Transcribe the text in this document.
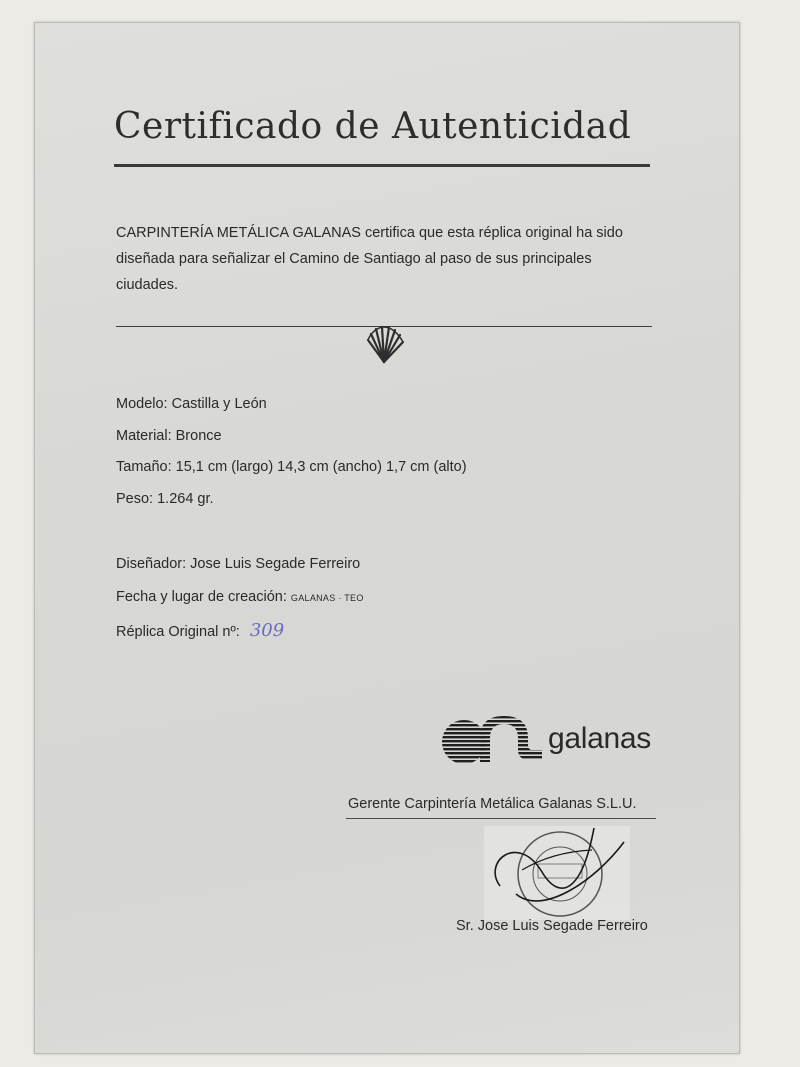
Certificado de Autenticidad
CARPINTERÍA METÁLICA GALANAS certifica que esta réplica original ha sido diseñada para señalizar el Camino de Santiago al paso de sus principales ciudades.
Modelo: Castilla y León
Material: Bronce
Tamaño: 15,1 cm (largo) 14,3 cm (ancho) 1,7 cm (alto)
Peso: 1.264 gr.
Diseñador: Jose Luis Segade Ferreiro
Fecha y lugar de creación: GALANAS · TEO
Réplica Original nº: 309
galanas
Gerente Carpintería Metálica Galanas S.L.U.
Sr. Jose Luis Segade Ferreiro
